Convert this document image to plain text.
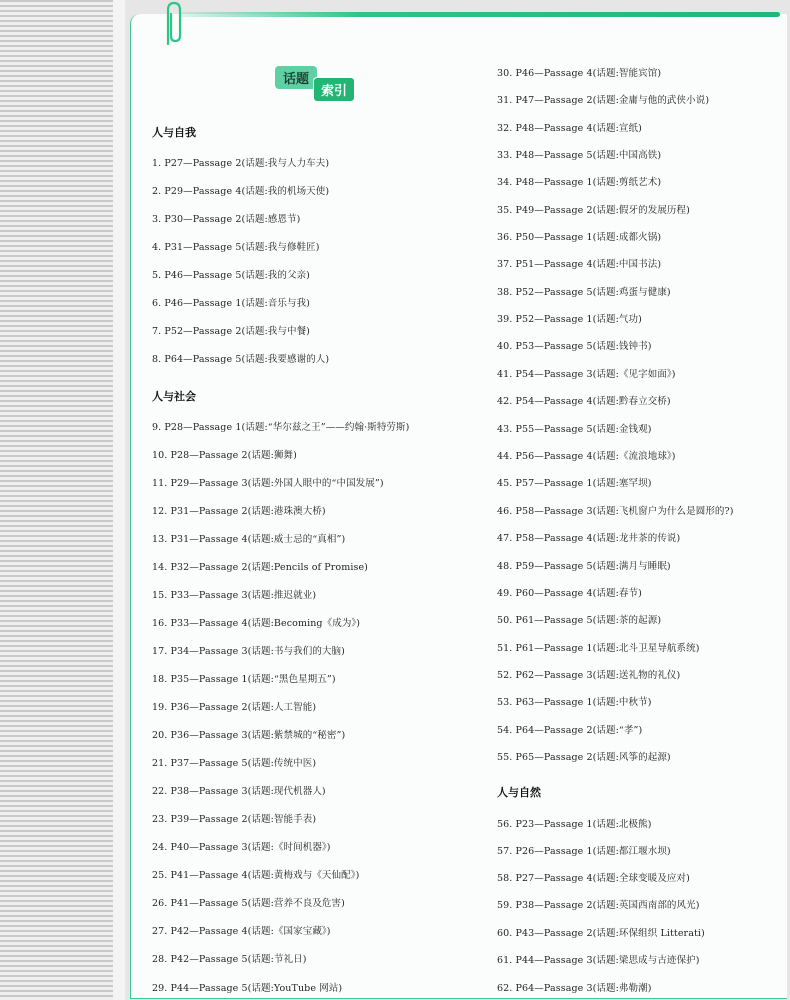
话题
索引
人与自我
人与社会
人与自然
1. P27—Passage 2(话题:我与人力车夫)
2. P29—Passage 4(话题:我的机场天使)
3. P30—Passage 2(话题:感恩节)
4. P31—Passage 5(话题:我与修鞋匠)
5. P46—Passage 5(话题:我的父亲)
6. P46—Passage 1(话题:音乐与我)
7. P52—Passage 2(话题:我与中餐)
8. P64—Passage 5(话题:我要感谢的人)
9. P28—Passage 1(话题:“华尔兹之王”——约翰·斯特劳斯)
10. P28—Passage 2(话题:狮舞)
11. P29—Passage 3(话题:外国人眼中的“中国发展”)
12. P31—Passage 2(话题:港珠澳大桥)
13. P31—Passage 4(话题:威士忌的“真相”)
14. P32—Passage 2(话题:Pencils of Promise)
15. P33—Passage 3(话题:推迟就业)
16. P33—Passage 4(话题:Becoming《成为》)
17. P34—Passage 3(话题:书与我们的大脑)
18. P35—Passage 1(话题:“黑色星期五”)
19. P36—Passage 2(话题:人工智能)
20. P36—Passage 3(话题:紫禁城的“秘密”)
21. P37—Passage 5(话题:传统中医)
22. P38—Passage 3(话题:现代机器人)
23. P39—Passage 2(话题:智能手表)
24. P40—Passage 3(话题:《时间机器》)
25. P41—Passage 4(话题:黄梅戏与《天仙配》)
26. P41—Passage 5(话题:营养不良及危害)
27. P42—Passage 4(话题:《国家宝藏》)
28. P42—Passage 5(话题:节礼日)
29. P44—Passage 5(话题:YouTube 网站)
30. P46—Passage 4(话题:智能宾馆)
31. P47—Passage 2(话题:金庸与他的武侠小说)
32. P48—Passage 4(话题:宣纸)
33. P48—Passage 5(话题:中国高铁)
34. P48—Passage 1(话题:剪纸艺术)
35. P49—Passage 2(话题:假牙的发展历程)
36. P50—Passage 1(话题:成都火锅)
37. P51—Passage 4(话题:中国书法)
38. P52—Passage 5(话题:鸡蛋与健康)
39. P52—Passage 1(话题:气功)
40. P53—Passage 5(话题:钱钟书)
41. P54—Passage 3(话题:《见字如面》)
42. P54—Passage 4(话题:黔春立交桥)
43. P55—Passage 5(话题:金钱观)
44. P56—Passage 4(话题:《流浪地球》)
45. P57—Passage 1(话题:塞罕坝)
46. P58—Passage 3(话题:飞机窗户为什么是圆形的?)
47. P58—Passage 4(话题:龙井茶的传说)
48. P59—Passage 5(话题:满月与睡眠)
49. P60—Passage 4(话题:春节)
50. P61—Passage 5(话题:茶的起源)
51. P61—Passage 1(话题:北斗卫星导航系统)
52. P62—Passage 3(话题:送礼物的礼仪)
53. P63—Passage 1(话题:中秋节)
54. P64—Passage 2(话题:“孝”)
55. P65—Passage 2(话题:风筝的起源)
56. P23—Passage 1(话题:北极熊)
57. P26—Passage 1(话题:都江堰水坝)
58. P27—Passage 4(话题:全球变暖及应对)
59. P38—Passage 2(话题:英国西南部的风光)
60. P43—Passage 2(话题:环保组织 Litterati)
61. P44—Passage 3(话题:梁思成与古迹保护)
62. P64—Passage 3(话题:弗勒潮)
